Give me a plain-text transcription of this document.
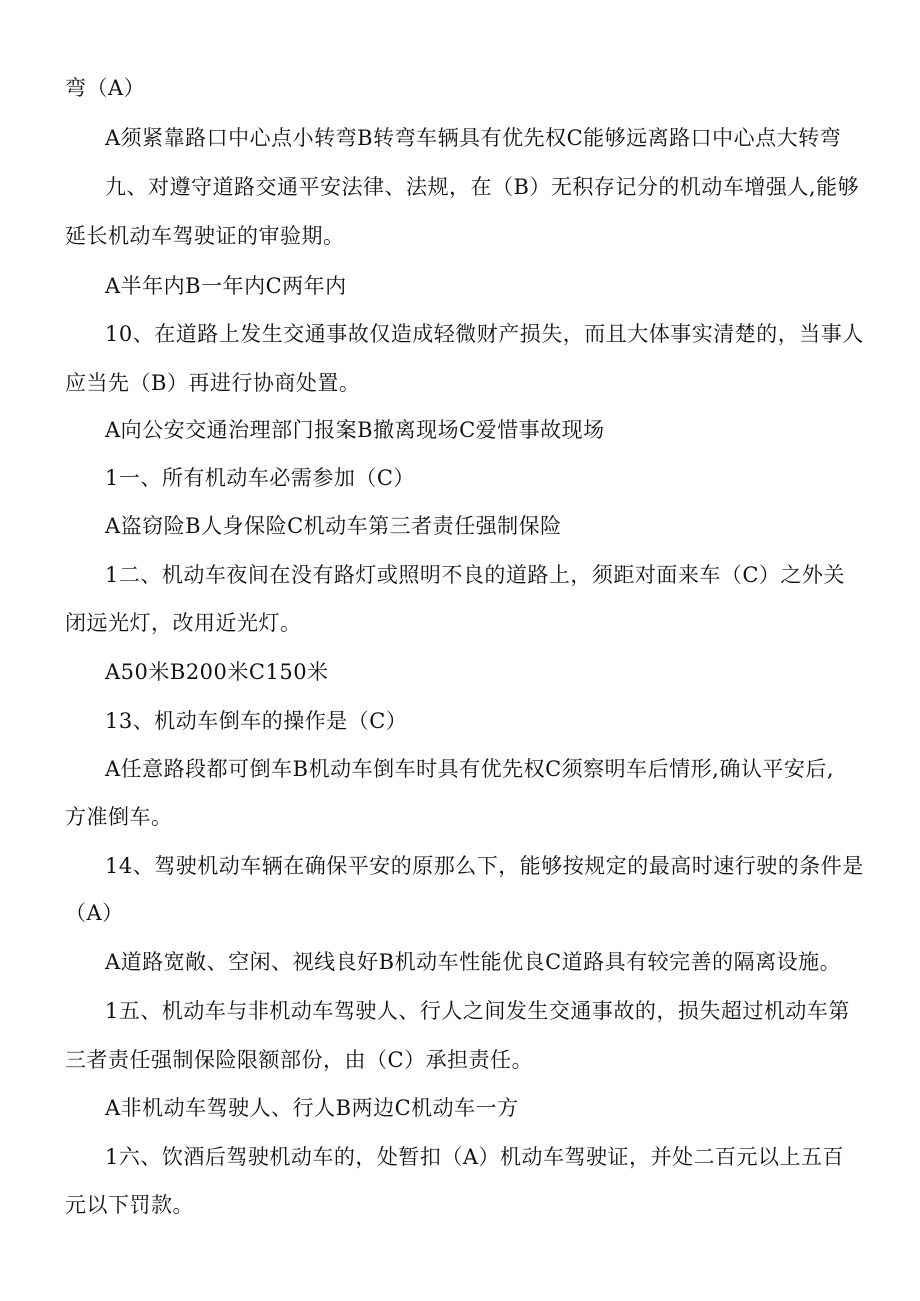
弯（A）
A须紧靠路口中心点小转弯B转弯车辆具有优先权C能够远离路口中心点大转弯
九、对遵守道路交通平安法律、法规，在（B）无积存记分的机动车增强人,能够
延长机动车驾驶证的审验期。
A半年内B一年内C两年内
10、在道路上发生交通事故仅造成轻微财产损失，而且大体事实清楚的，当事人
应当先（B）再进行协商处置。
A向公安交通治理部门报案B撤离现场C爱惜事故现场
1一、所有机动车必需参加（C）
A盗窃险B人身保险C机动车第三者责任强制保险
1二、机动车夜间在没有路灯或照明不良的道路上，须距对面来车（C）之外关
闭远光灯，改用近光灯。
A50米B200米C150米
13、机动车倒车的操作是（C）
A任意路段都可倒车B机动车倒车时具有优先权C须察明车后情形,确认平安后,
方准倒车。
14、驾驶机动车辆在确保平安的原那么下，能够按规定的最高时速行驶的条件是
（A）
A道路宽敞、空闲、视线良好B机动车性能优良C道路具有较完善的隔离设施。
1五、机动车与非机动车驾驶人、行人之间发生交通事故的，损失超过机动车第
三者责任强制保险限额部份，由（C）承担责任。
A非机动车驾驶人、行人B两边C机动车一方
1六、饮酒后驾驶机动车的，处暂扣（A）机动车驾驶证，并处二百元以上五百
元以下罚款。
